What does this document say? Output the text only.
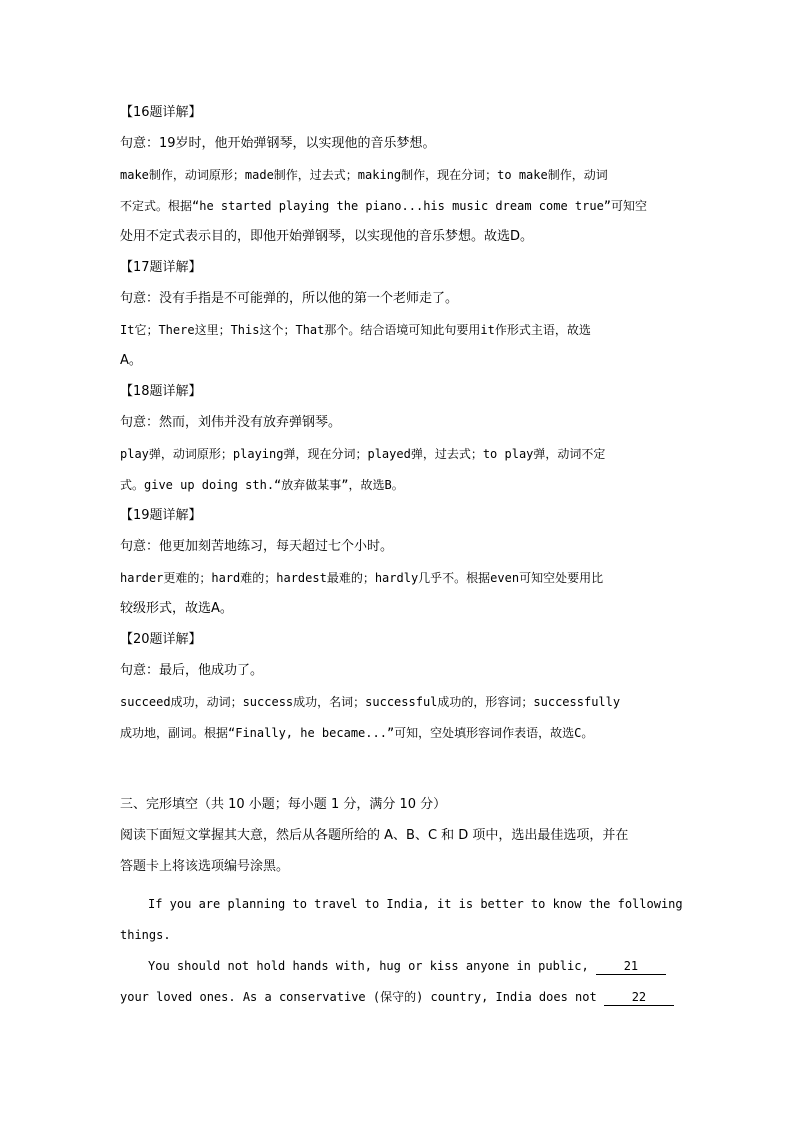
【16题详解】
句意：19岁时，他开始弹钢琴，以实现他的音乐梦想。
make制作，动词原形；made制作，过去式；making制作，现在分词；to make制作，动词
不定式。根据“he started playing the piano...his music dream come true”可知空
处用不定式表示目的，即他开始弹钢琴，以实现他的音乐梦想。故选D。
【17题详解】
句意：没有手指是不可能弹的，所以他的第一个老师走了。
It它；There这里；This这个；That那个。结合语境可知此句要用it作形式主语，故选
A。
【18题详解】
句意：然而，刘伟并没有放弃弹钢琴。
play弹，动词原形；playing弹，现在分词；played弹，过去式；to play弹，动词不定
式。give up doing sth.“放弃做某事”，故选B。
【19题详解】
句意：他更加刻苦地练习，每天超过七个小时。
harder更难的；hard难的；hardest最难的；hardly几乎不。根据even可知空处要用比
较级形式，故选A。
【20题详解】
句意：最后，他成功了。
succeed成功，动词；success成功，名词；successful成功的，形容词；successfully
成功地，副词。根据“Finally, he became...”可知，空处填形容词作表语，故选C。
三、完形填空（共 10 小题；每小题 1 分，满分 10 分）
阅读下面短文掌握其大意，然后从各题所给的 A、B、C 和 D 项中，选出最佳选项，并在
答题卡上将该选项编号涂黑。
If you are planning to travel to India, it is better to know the following
things.
You should not hold hands with, hug or kiss anyone in public,	21
your loved ones. As a conservative (保守的) country, India does not	22
